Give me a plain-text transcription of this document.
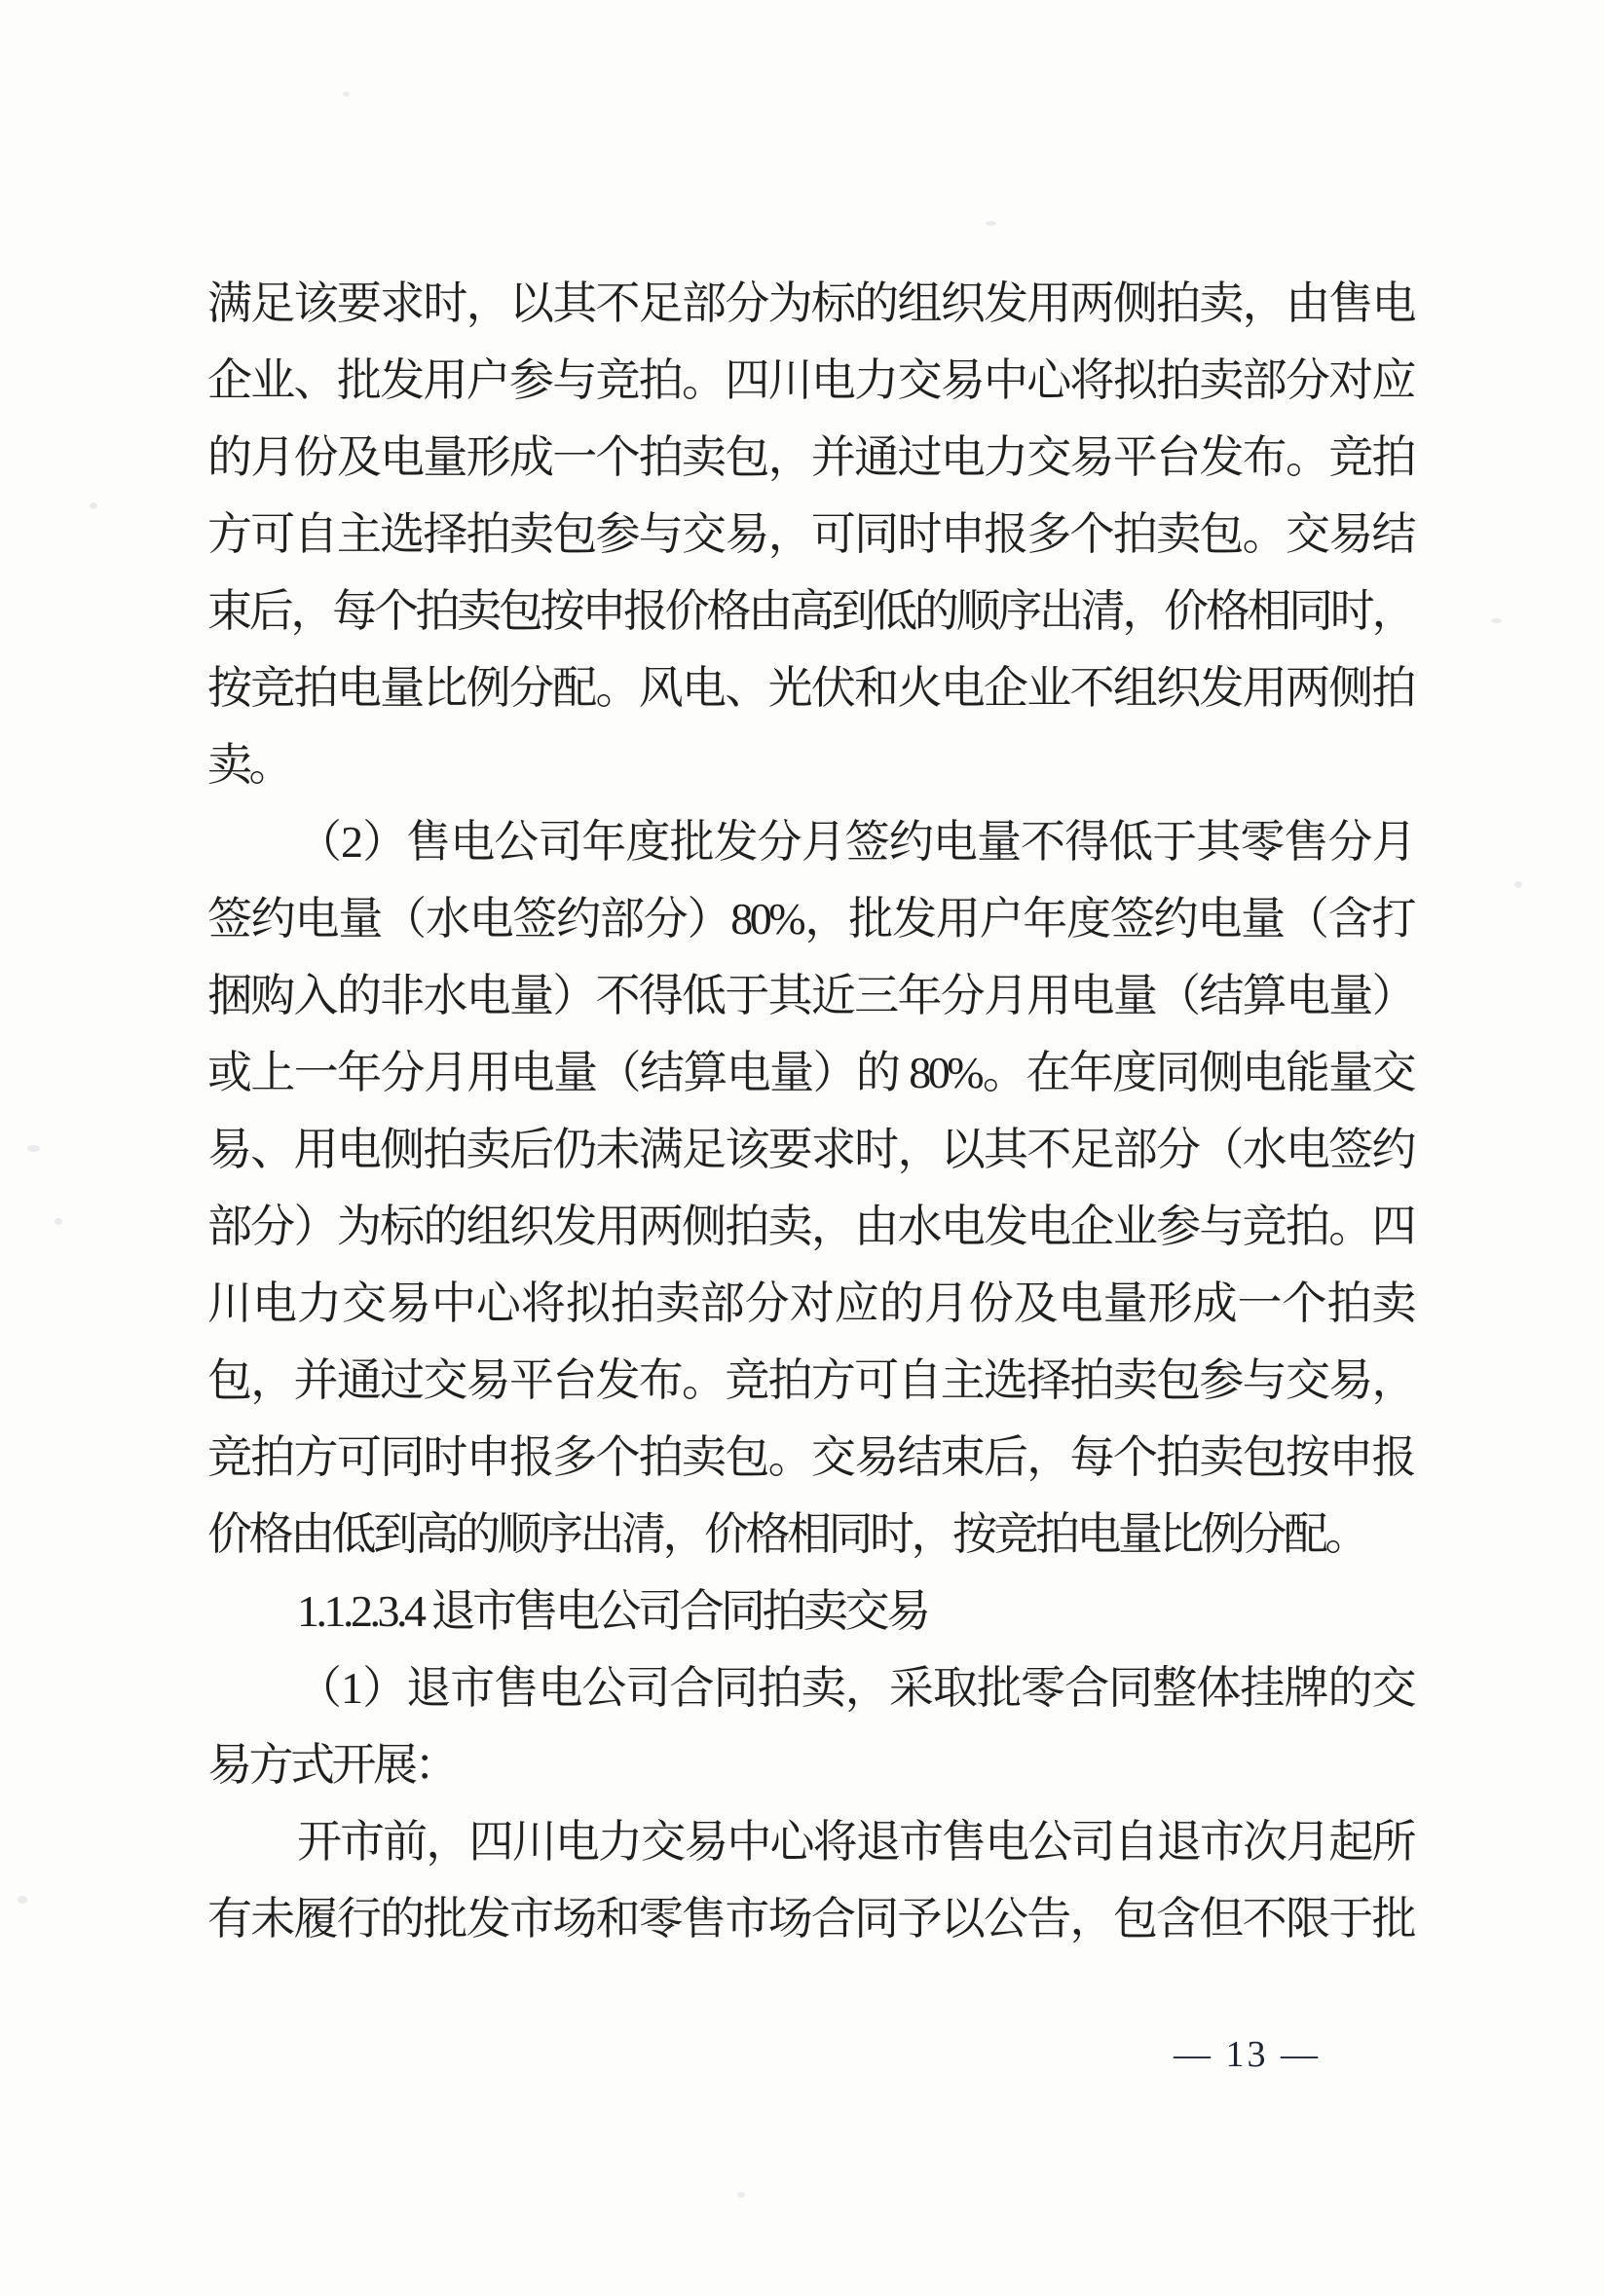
满足该要求时，以其不足部分为标的组织发用两侧拍卖，由售电

企业、批发用户参与竞拍。四川电力交易中心将拟拍卖部分对应

的月份及电量形成一个拍卖包，并通过电力交易平台发布。竞拍

方可自主选择拍卖包参与交易，可同时申报多个拍卖包。交易结

束后，每个拍卖包按申报价格由高到低的顺序出清，价格相同时，

按竞拍电量比例分配。风电、光伏和火电企业不组织发用两侧拍

卖。

（2）售电公司年度批发分月签约电量不得低于其零售分月

签约电量（水电签约部分）80%，批发用户年度签约电量（含打

捆购入的非水电量）不得低于其近三年分月用电量（结算电量）

或上一年分月用电量（结算电量）的 80%。在年度同侧电能量交

易、用电侧拍卖后仍未满足该要求时，以其不足部分（水电签约

部分）为标的组织发用两侧拍卖，由水电发电企业参与竞拍。四

川电力交易中心将拟拍卖部分对应的月份及电量形成一个拍卖

包，并通过交易平台发布。竞拍方可自主选择拍卖包参与交易，

竞拍方可同时申报多个拍卖包。交易结束后，每个拍卖包按申报

价格由低到高的顺序出清，价格相同时，按竞拍电量比例分配。

1.1.2.3.4 退市售电公司合同拍卖交易

（1）退市售电公司合同拍卖，采取批零合同整体挂牌的交

易方式开展：

开市前，四川电力交易中心将退市售电公司自退市次月起所

有未履行的批发市场和零售市场合同予以公告，包含但不限于批

— 13 —
